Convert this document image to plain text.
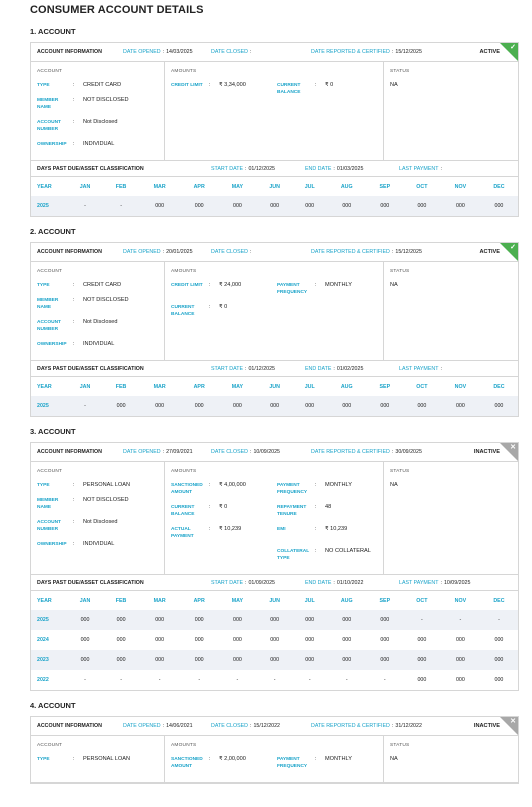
CONSUMER ACCOUNT DETAILS
1. ACCOUNT
ACCOUNT INFORMATION	DATE OPENED : 14/03/2025	DATE CLOSED :	DATE REPORTED & CERTIFIED : 15/12/2025	ACTIVE
✓
ACCOUNT
TYPE	:	CREDIT CARD
MEMBER NAME
:	NOT DISCLOSED
ACCOUNT NUMBER
:	Not Disclosed
OWNERSHIP	:	INDIVIDUAL
AMOUNTS
CREDIT LIMIT	:	₹ 3,34,000	CURRENT BALANCE
:	₹ 0
STATUS
NA
DAYS PAST DUE/ASSET CLASSIFICATION	START DATE : 01/12/2025	END DATE : 01/03/2025	LAST PAYMENT :
YEAR	JAN	FEB	MAR	APR	MAY	JUN	JUL	AUG	SEP	OCT	NOV	DEC
2025	-	-	000	000	000	000	000	000	000	000	000	000
2. ACCOUNT
ACCOUNT INFORMATION	DATE OPENED : 20/01/2025	DATE CLOSED :	DATE REPORTED & CERTIFIED : 15/12/2025	ACTIVE
✓
ACCOUNT
TYPE	:	CREDIT CARD
MEMBER NAME
:	NOT DISCLOSED
ACCOUNT NUMBER
:	Not Disclosed
OWNERSHIP	:	INDIVIDUAL
AMOUNTS
CREDIT LIMIT	:	₹ 24,000	PAYMENT FREQUENCY
:	MONTHLY
CURRENT BALANCE
:	₹ 0
STATUS
NA
DAYS PAST DUE/ASSET CLASSIFICATION	START DATE : 01/12/2025	END DATE : 01/02/2025	LAST PAYMENT :
YEAR	JAN	FEB	MAR	APR	MAY	JUN	JUL	AUG	SEP	OCT	NOV	DEC
2025	-	000	000	000	000	000	000	000	000	000	000	000
3. ACCOUNT
ACCOUNT INFORMATION	DATE OPENED : 27/09/2021	DATE CLOSED : 10/09/2025	DATE REPORTED & CERTIFIED : 30/09/2025	INACTIVE
✕
ACCOUNT
TYPE	:	PERSONAL LOAN
MEMBER NAME
:	NOT DISCLOSED
ACCOUNT NUMBER
:	Not Disclosed
OWNERSHIP	:	INDIVIDUAL
AMOUNTS
SANCTIONED AMOUNT
:	₹ 4,00,000	PAYMENT FREQUENCY
:	MONTHLY
CURRENT BALANCE
:	₹ 0	REPAYMENT TENURE
:	48
ACTUAL PAYMENT
:	₹ 10,239	EMI	:	₹ 10,239
COLLATERAL TYPE
:	NO COLLATERAL
STATUS
NA
DAYS PAST DUE/ASSET CLASSIFICATION	START DATE : 01/09/2025	END DATE : 01/10/2022	LAST PAYMENT : 10/09/2025
YEAR	JAN	FEB	MAR	APR	MAY	JUN	JUL	AUG	SEP	OCT	NOV	DEC
2025	000	000	000	000	000	000	000	000	000	-	-	-
2024	000	000	000	000	000	000	000	000	000	000	000	000
2023	000	000	000	000	000	000	000	000	000	000	000	000
2022	-	-	-	-	-	-	-	-	-	000	000	000
4. ACCOUNT
ACCOUNT INFORMATION	DATE OPENED : 14/06/2021	DATE CLOSED : 15/12/2022	DATE REPORTED & CERTIFIED : 31/12/2022	INACTIVE
✕
ACCOUNT
TYPE	:	PERSONAL LOAN
AMOUNTS
SANCTIONED AMOUNT
:	₹ 2,00,000	PAYMENT FREQUENCY
:	MONTHLY
STATUS
NA
